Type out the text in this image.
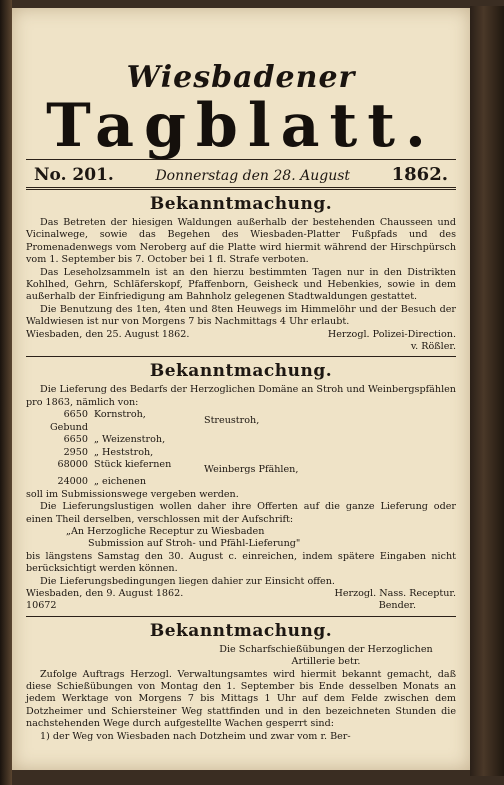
Wiesbadener
Tagblatt.
No. 201.	Donnerstag den 28. August 1862.
Bekanntmachung.

Das Betreten der hiesigen Waldungen außerhalb der bestehenden Chausseen und Vicinalwege, sowie das Begehen des Wiesbaden-Platter Fußpfads und des Promenadenwegs vom Neroberg auf die Platte wird hiermit während der Hirschpürsch vom 1. September bis 7. October bei 1 fl. Strafe verboten.

Das Leseholzsammeln ist an den hierzu bestimmten Tagen nur in den Distrikten Kohlhed, Gehrn, Schläferskopf, Pfaffenborn, Geisheck und Hebenkies, sowie in dem außerhalb der Einfriedigung am Bahnholz gelegenen Stadtwaldungen gestattet.

Die Benutzung des 1ten, 4ten und 8ten Heuwegs im Himmelöhr und der Besuch der Waldwiesen ist nur von Morgens 7 bis Nachmittags 4 Uhr erlaubt.

Wiesbaden, den 25. August 1862.	Herzogl. Polizei-Direction.
v. Rößler.
Bekanntmachung.

Die Lieferung des Bedarfs der Herzoglichen Domäne an Stroh und Weinbergspfählen pro 1863, nämlich von:

6650 Gebund
Kornstroh,
Streustroh,
6650 „ Weizenstroh,
2950 „ Heststroh,
68000 Stück kiefernen	Weinbergs Pfählen,
24000 „ eichenen

soll im Submissionswege vergeben werden.

Die Lieferungslustigen wollen daher ihre Offerten auf die ganze Lieferung oder einen Theil derselben, verschlossen mit der Aufschrift:

„An Herzogliche Receptur zu Wiesbaden
Submission auf Stroh- und Pfähl-Lieferung"

bis längstens Samstag den 30. August c. einreichen, indem spätere Eingaben nicht berücksichtigt werden können.

Die Lieferungsbedingungen liegen dahier zur Einsicht offen.

Wiesbaden, den 9. August 1862.	Herzogl. Nass. Receptur.
10672	Bender.
Bekanntmachung.
Die Scharfschießübungen der Herzoglichen Artillerie betr.

Zufolge Auftrags Herzogl. Verwaltungsamtes wird hiermit bekannt gemacht, daß diese Schießübungen von Montag den 1. September bis Ende desselben Monats an jedem Werktage von Morgens 7 bis Mittags 1 Uhr auf dem Felde zwischen dem Dotzheimer und Schiersteiner Weg stattfinden und in den bezeichneten Stunden die nachstehenden Wege durch aufgestellte Wachen gesperrt sind:

1) der Weg von Wiesbaden nach Dotzheim und zwar vom r. Ber-
